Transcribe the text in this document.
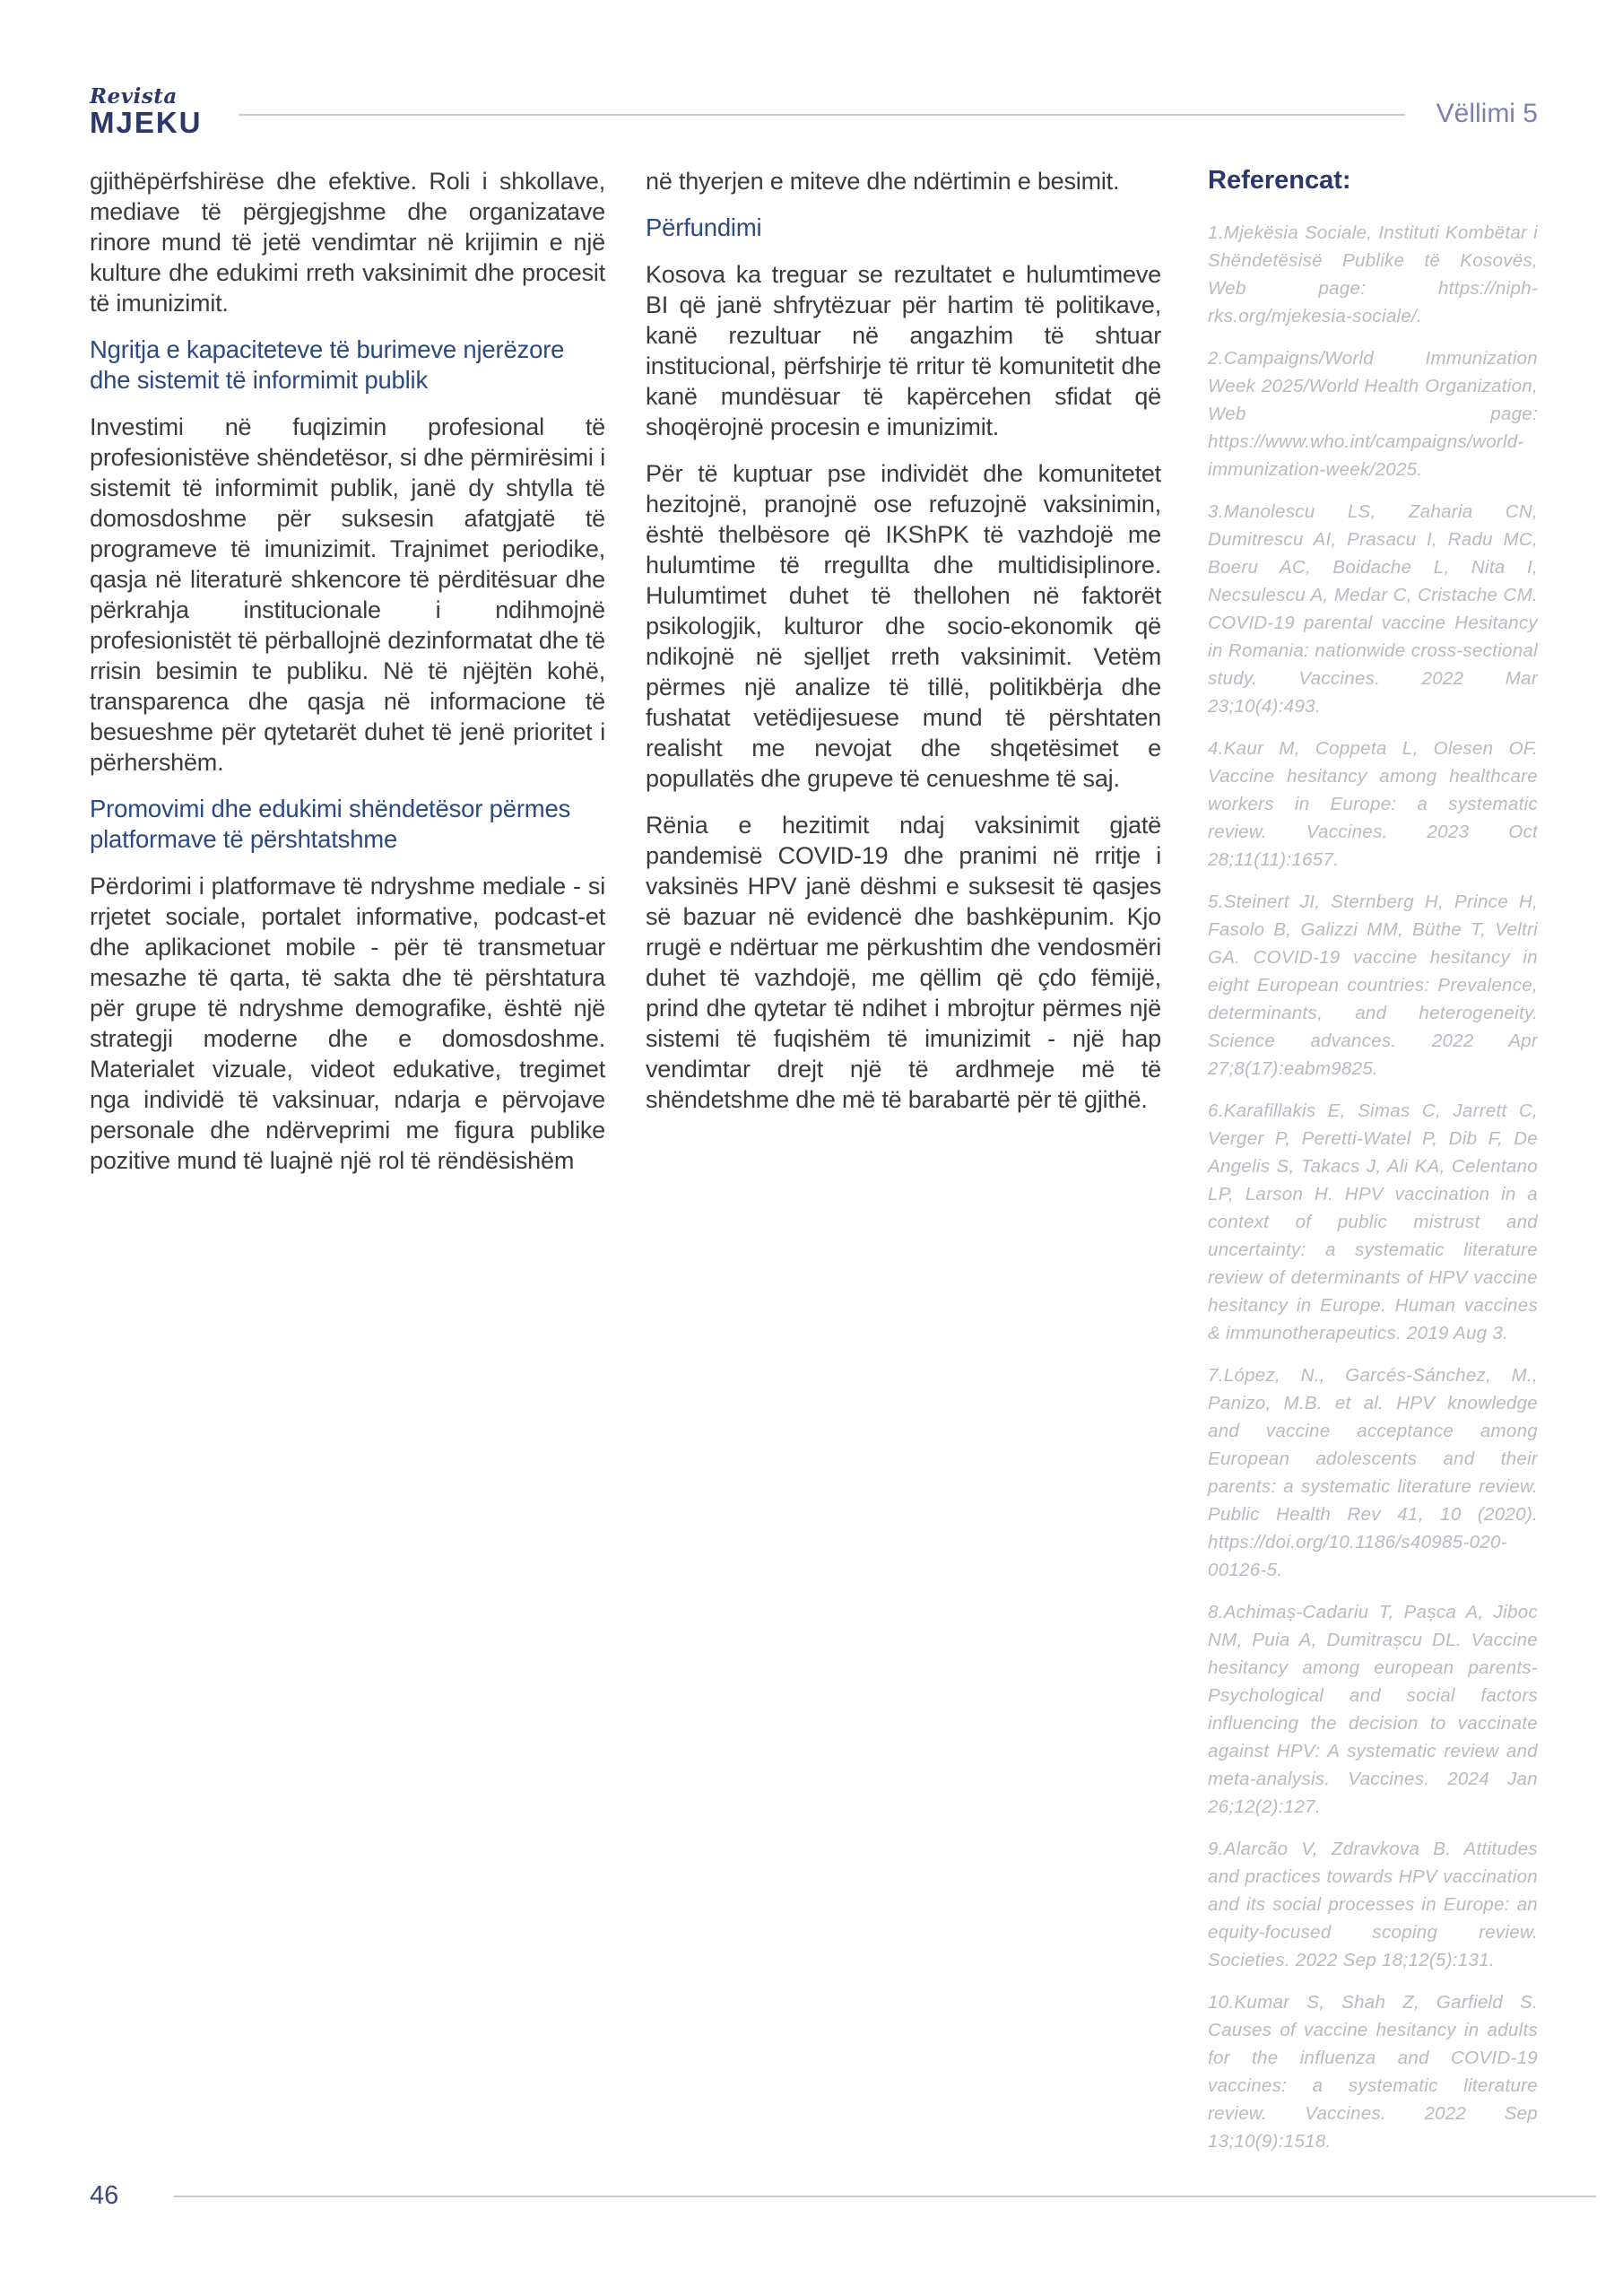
Revista
MJEKU	Vëllimi 5

gjithëpërfshirëse dhe efektive. Roli i shkollave, mediave të përgjegjshme dhe organizatave rinore mund të jetë vendimtar në krijimin e një kulture dhe edukimi rreth vaksinimit dhe procesit të imunizimit.

Ngritja e kapaciteteve të burimeve njerëzore dhe sistemit të informimit publik

Investimi në fuqizimin profesional të profesionistëve shëndetësor, si dhe përmirësimi i sistemit të informimit publik, janë dy shtylla të domosdoshme për suksesin afatgjatë të programeve të imunizimit. Trajnimet periodike, qasja në literaturë shkencore të përditësuar dhe përkrahja institucionale i ndihmojnë profesionistët të përballojnë dezinformatat dhe të rrisin besimin te publiku. Në të njëjtën kohë, transparenca dhe qasja në informacione të besueshme për qytetarët duhet të jenë prioritet i përhershëm.

Promovimi dhe edukimi shëndetësor përmes platformave të përshtatshme

Përdorimi i platformave të ndryshme mediale - si rrjetet sociale, portalet informative, podcast-et dhe aplikacionet mobile - për të transmetuar mesazhe të qarta, të sakta dhe të përshtatura për grupe të ndryshme demografike, është një strategji moderne dhe e domosdoshme. Materialet vizuale, videot edukative, tregimet nga individë të vaksinuar, ndarja e përvojave personale dhe ndërveprimi me figura publike pozitive mund të luajnë një rol të rëndësishëm

në thyerjen e miteve dhe ndërtimin e besimit.

Përfundimi

Kosova ka treguar se rezultatet e hulumtimeve BI që janë shfrytëzuar për hartim të politikave, kanë rezultuar në angazhim të shtuar institucional, përfshirje të rritur të komunitetit dhe kanë mundësuar të kapërcehen sfidat që shoqërojnë procesin e imunizimit.

Për të kuptuar pse individët dhe komunitetet hezitojnë, pranojnë ose refuzojnë vaksinimin, është thelbësore që IKShPK të vazhdojë me hulumtime të rregullta dhe multidisiplinore. Hulumtimet duhet të thellohen në faktorët psikologjik, kulturor dhe socio-ekonomik që ndikojnë në sjelljet rreth vaksinimit. Vetëm përmes një analize të tillë, politikbërja dhe fushatat vetëdijesuese mund të përshtaten realisht me nevojat dhe shqetësimet e popullatës dhe grupeve të cenueshme të saj.

Rënia e hezitimit ndaj vaksinimit gjatë pandemisë COVID-19 dhe pranimi në rritje i vaksinës HPV janë dëshmi e suksesit të qasjes së bazuar në evidencë dhe bashkëpunim. Kjo rrugë e ndërtuar me përkushtim dhe vendosmëri duhet të vazhdojë, me qëllim që çdo fëmijë, prind dhe qytetar të ndihet i mbrojtur përmes një sistemi të fuqishëm të imunizimit - një hap vendimtar drejt një të ardhmeje më të shëndetshme dhe më të barabartë për të gjithë.

Referencat:

1.Mjekësia Sociale, Instituti Kombëtar i Shëndetësisë Publike të Kosovës, Web page: https://niph-rks.org/mjekesia-sociale/.

2.Campaigns/World Immunization Week 2025/World Health Organization, Web page: https://www.who.int/campaigns/world-immunization-week/2025.

3.Manolescu LS, Zaharia CN, Dumitrescu AI, Prasacu I, Radu MC, Boeru AC, Boidache L, Nita I, Necsulescu A, Medar C, Cristache CM. COVID-19 parental vaccine Hesitancy in Romania: nationwide cross-sectional study. Vaccines. 2022 Mar 23;10(4):493.

4.Kaur M, Coppeta L, Olesen OF. Vaccine hesitancy among healthcare workers in Europe: a systematic review. Vaccines. 2023 Oct 28;11(11):1657.

5.Steinert JI, Sternberg H, Prince H, Fasolo B, Galizzi MM, Büthe T, Veltri GA. COVID-19 vaccine hesitancy in eight European countries: Prevalence, determinants, and heterogeneity. Science advances. 2022 Apr 27;8(17):eabm9825.

6.Karafillakis E, Simas C, Jarrett C, Verger P, Peretti-Watel P, Dib F, De Angelis S, Takacs J, Ali KA, Celentano LP, Larson H. HPV vaccination in a context of public mistrust and uncertainty: a systematic literature review of determinants of HPV vaccine hesitancy in Europe. Human vaccines & immunotherapeutics. 2019 Aug 3.

7.López, N., Garcés-Sánchez, M., Panizo, M.B. et al. HPV knowledge and vaccine acceptance among European adolescents and their parents: a systematic literature review. Public Health Rev 41, 10 (2020). https://doi.org/10.1186/s40985-020-00126-5.

8.Achimaș-Cadariu T, Pașca A, Jiboc NM, Puia A, Dumitrașcu DL. Vaccine hesitancy among european parents-Psychological and social factors influencing the decision to vaccinate against HPV: A systematic review and meta-analysis. Vaccines. 2024 Jan 26;12(2):127.

9.Alarcão V, Zdravkova B. Attitudes and practices towards HPV vaccination and its social processes in Europe: an equity-focused scoping review. Societies. 2022 Sep 18;12(5):131.

10.Kumar S, Shah Z, Garfield S. Causes of vaccine hesitancy in adults for the influenza and COVID-19 vaccines: a systematic literature review. Vaccines. 2022 Sep 13;10(9):1518.

46
